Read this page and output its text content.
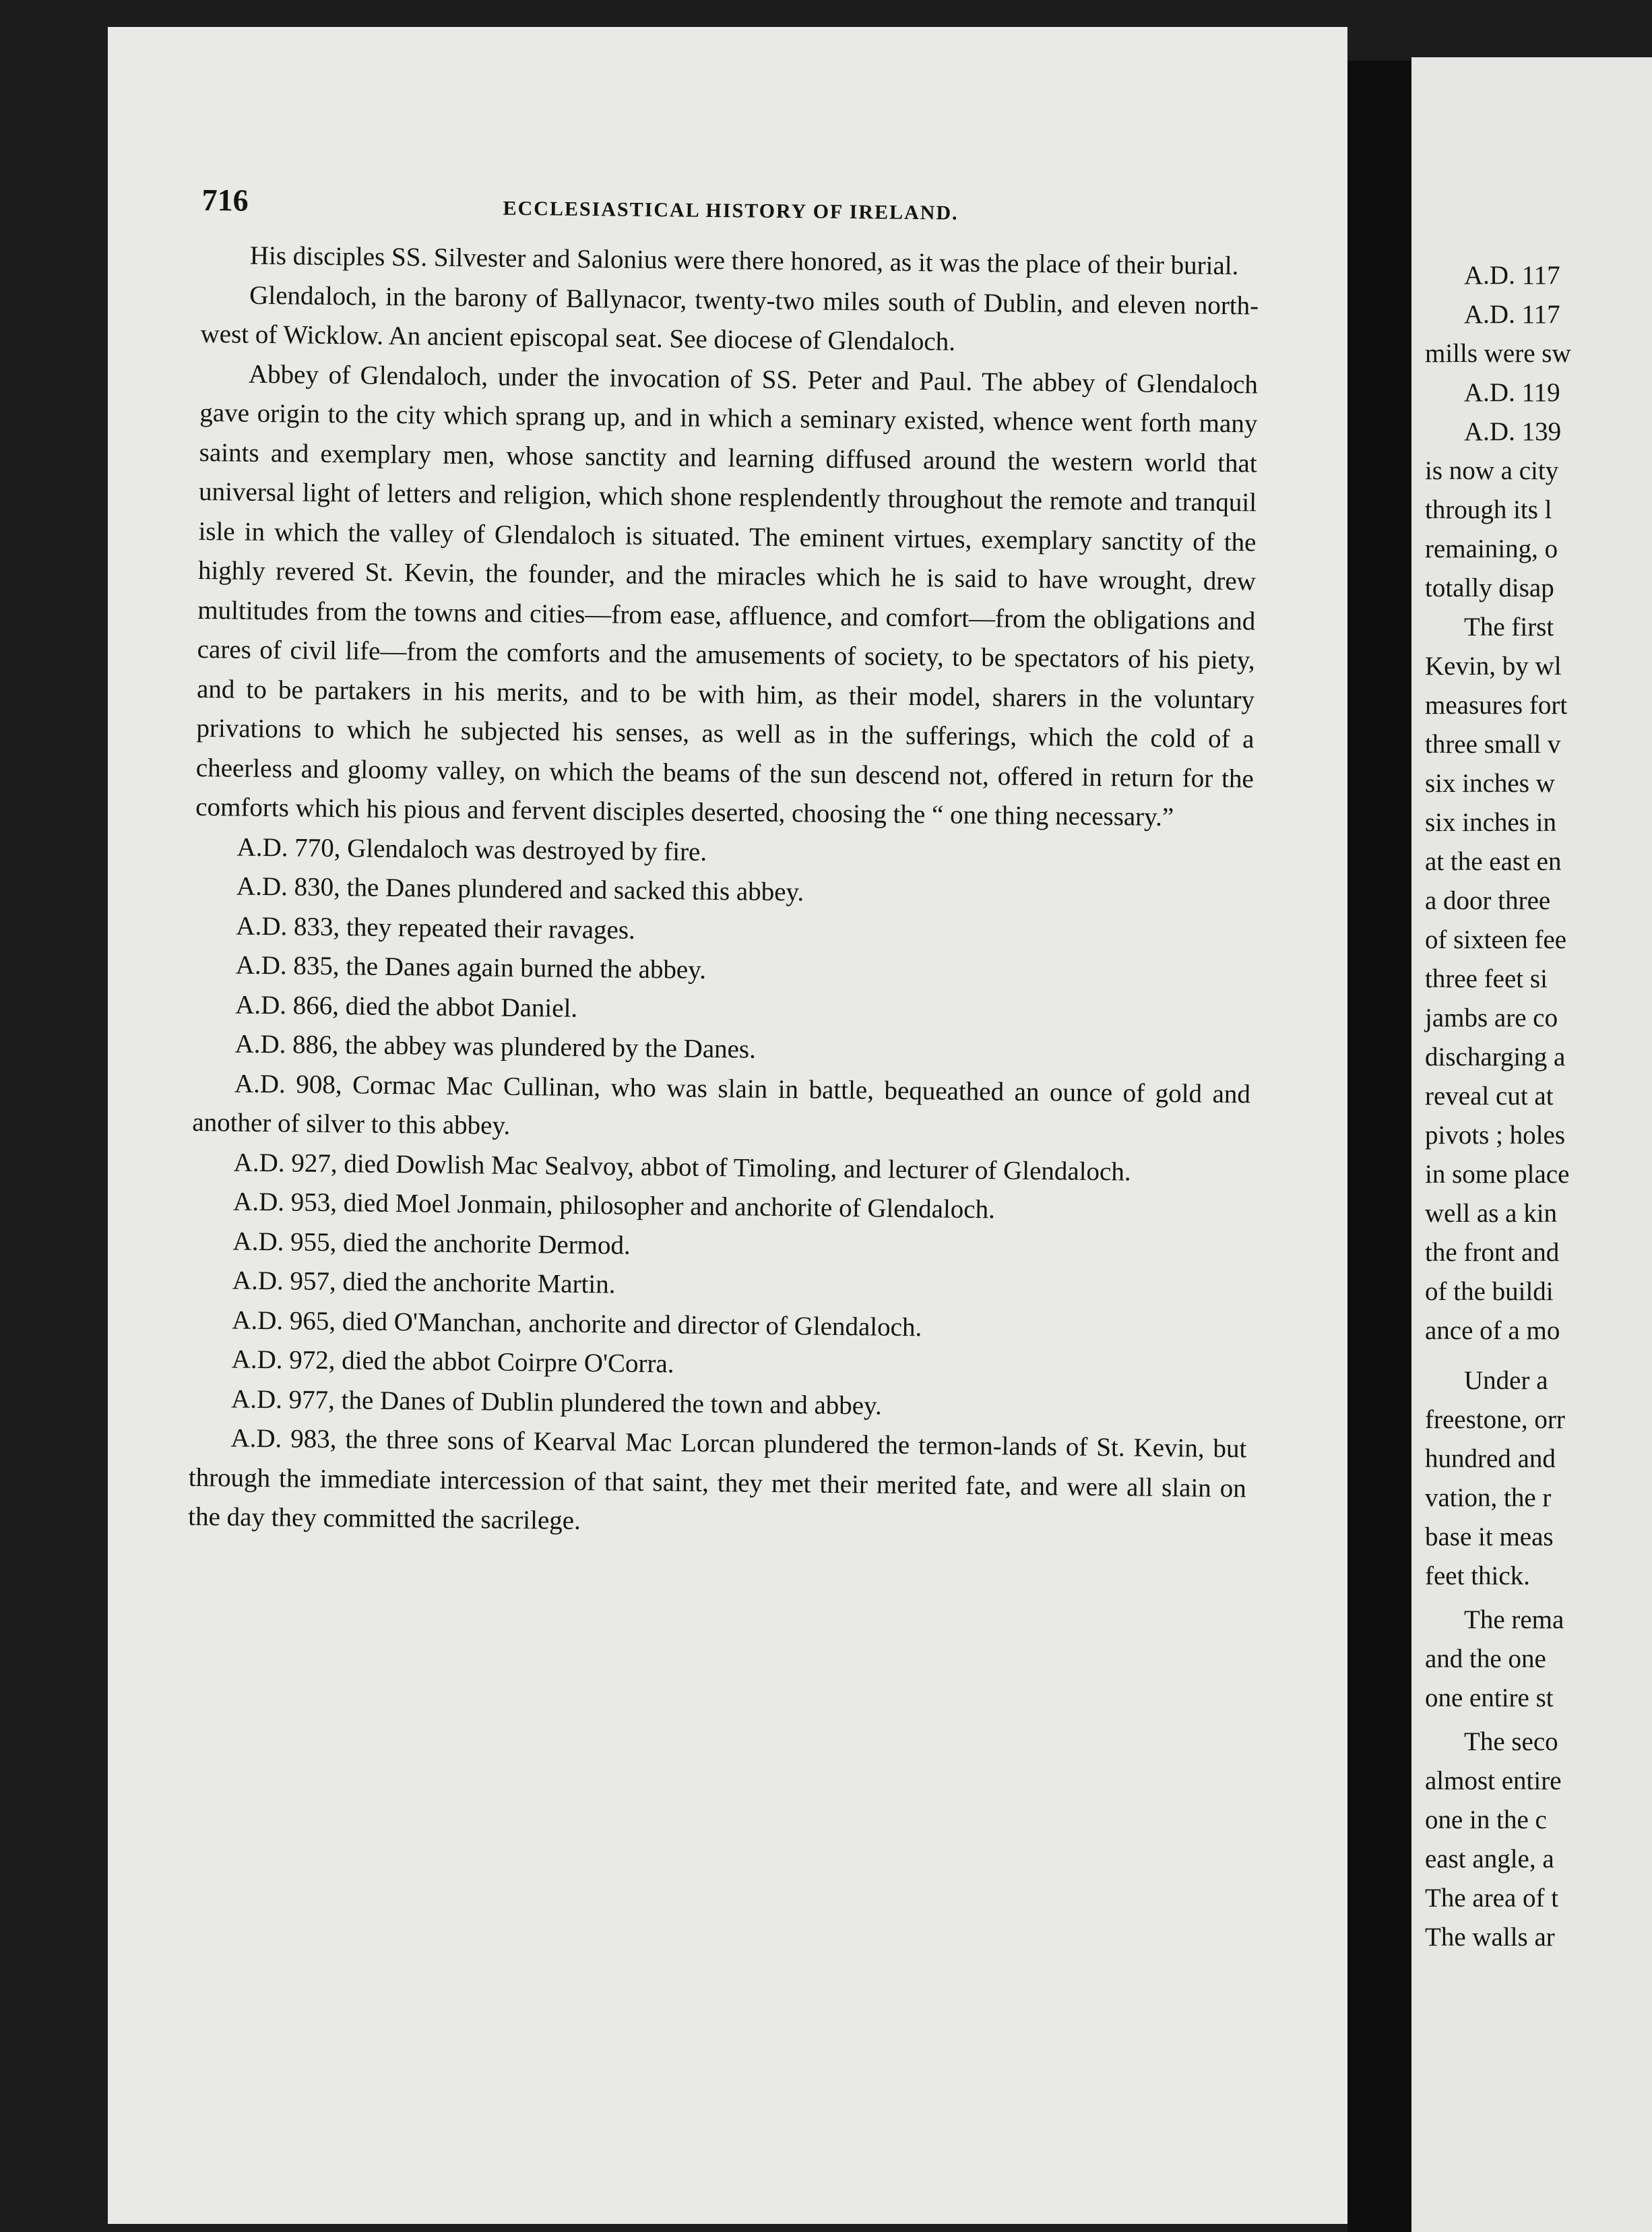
716	ECCLESIASTICAL HISTORY OF IRELAND.

His disciples SS. Silvester and Salonius were there honored, as it was the place of their burial.

Glendaloch, in the barony of Ballynacor, twenty-two miles south of Dublin, and eleven north-west of Wicklow. An ancient episcopal seat. See diocese of Glendaloch.

Abbey of Glendaloch, under the invocation of SS. Peter and Paul. The abbey of Glendaloch gave origin to the city which sprang up, and in which a seminary existed, whence went forth many saints and exemplary men, whose sanctity and learning diffused around the western world that universal light of letters and religion, which shone resplendently throughout the remote and tranquil isle in which the valley of Glendaloch is situated. The eminent virtues, exemplary sanctity of the highly revered St. Kevin, the founder, and the miracles which he is said to have wrought, drew multitudes from the towns and cities—from ease, affluence, and comfort—from the obligations and cares of civil life—from the comforts and the amusements of society, to be spectators of his piety, and to be partakers in his merits, and to be with him, as their model, sharers in the voluntary privations to which he subjected his senses, as well as in the sufferings, which the cold of a cheerless and gloomy valley, on which the beams of the sun descend not, offered in return for the comforts which his pious and fervent disciples deserted, choosing the “ one thing necessary.”

A.D. 770, Glendaloch was destroyed by fire.

A.D. 830, the Danes plundered and sacked this abbey.

A.D. 833, they repeated their ravages.

A.D. 835, the Danes again burned the abbey.

A.D. 866, died the abbot Daniel.

A.D. 886, the abbey was plundered by the Danes.

A.D. 908, Cormac Mac Cullinan, who was slain in battle, bequeathed an ounce of gold and another of silver to this abbey.

A.D. 927, died Dowlish Mac Sealvoy, abbot of Timoling, and lecturer of Glendaloch.

A.D. 953, died Moel Jonmain, philosopher and anchorite of Glendaloch.

A.D. 955, died the anchorite Dermod.

A.D. 957, died the anchorite Martin.

A.D. 965, died O'Manchan, anchorite and director of Glendaloch.

A.D. 972, died the abbot Coirpre O'Corra.

A.D. 977, the Danes of Dublin plundered the town and abbey.

A.D. 983, the three sons of Kearval Mac Lorcan plundered the termon-lands of St. Kevin, but through the immediate intercession of that saint, they met their merited fate, and were all slain on the day they committed the sacrilege.

A.D. 117
A.D. 117
mills were sw
A.D. 119
A.D. 139
is now a city
through its l
remaining, o
totally disap
The first
Kevin, by wl
measures fort
three small v
six inches w
six inches in
at the east en
a door three
of sixteen fee
three feet si
jambs are co
discharging a
reveal cut at
pivots ; holes
in some place
well as a kin
the front and
of the buildi
ance of a mo
Under a
freestone, orr
hundred and
vation, the r
base it meas
feet thick.
The rema
and the one
one entire st
The seco
almost entire
one in the c
east angle, a
The area of t
The walls ar
